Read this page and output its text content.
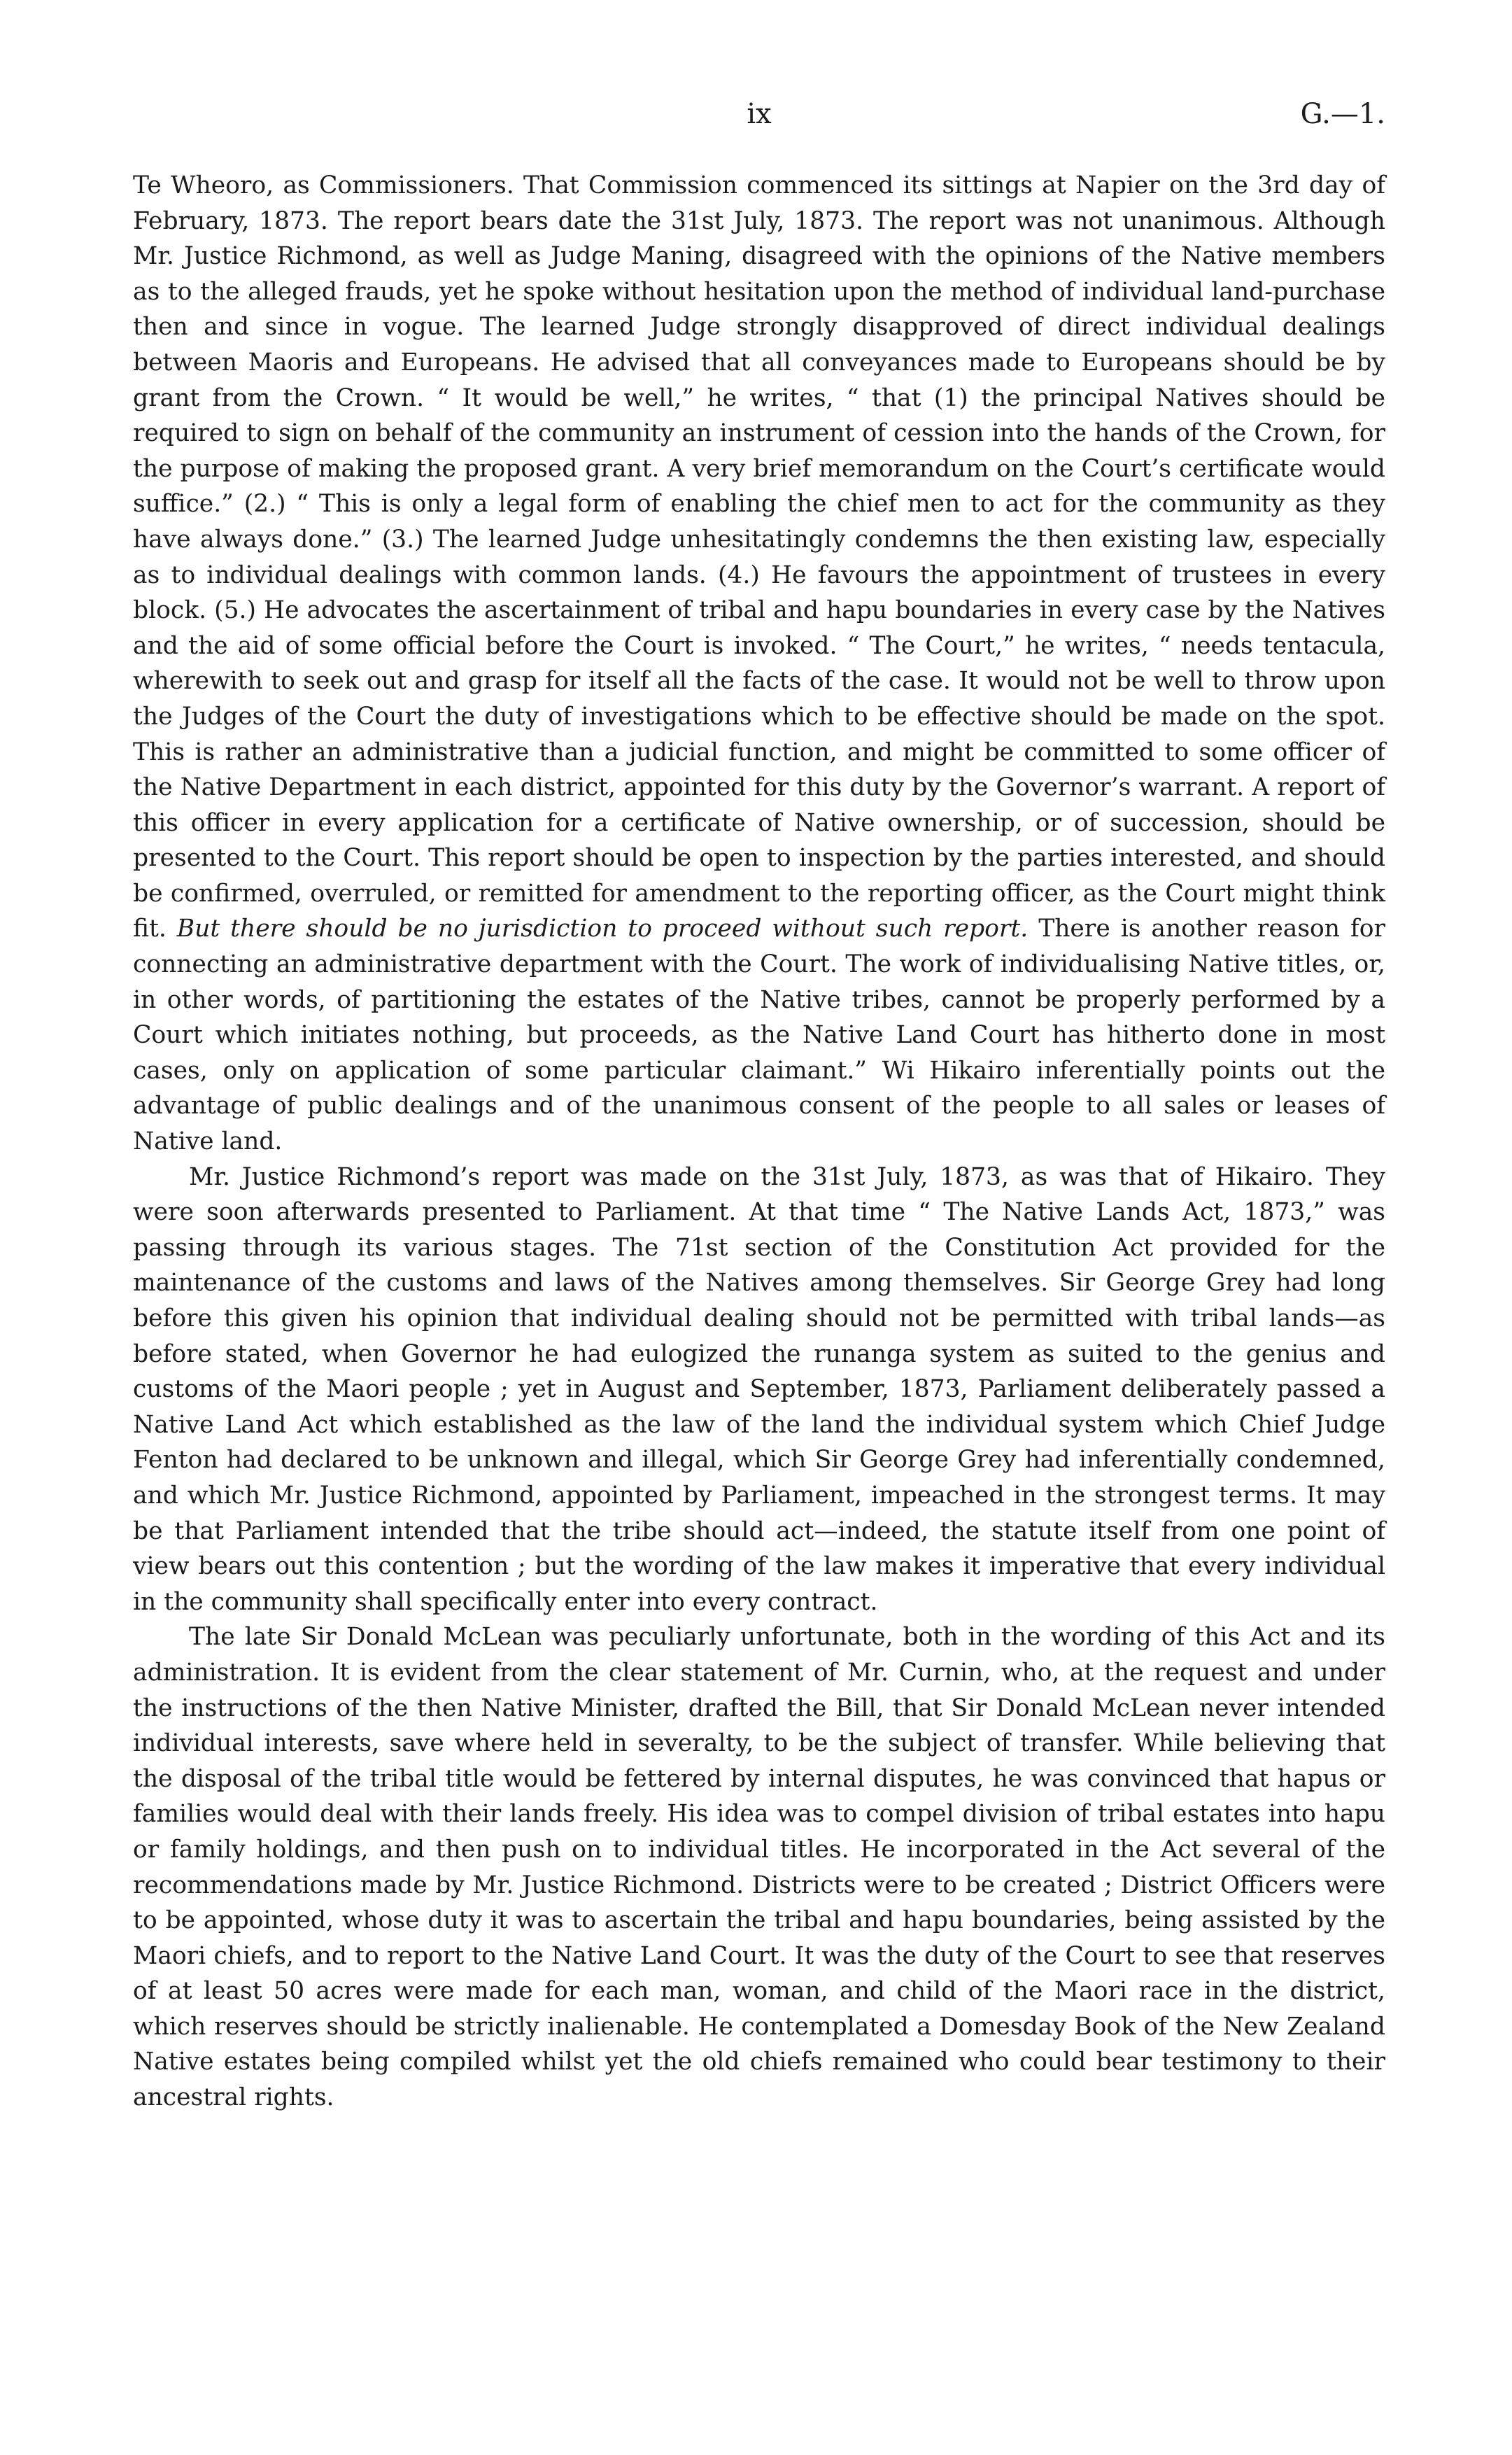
ix	G.—1.

Te Wheoro, as Commissioners. That Commission commenced its sittings at Napier on the 3rd day of February, 1873. The report bears date the 31st July, 1873. The report was not unanimous. Although Mr. Justice Richmond, as well as Judge Maning, disagreed with the opinions of the Native members as to the alleged frauds, yet he spoke without hesitation upon the method of individual land-purchase then and since in vogue. The learned Judge strongly disapproved of direct individual dealings between Maoris and Europeans. He advised that all conveyances made to Europeans should be by grant from the Crown. “ It would be well,” he writes, “ that (1) the principal Natives should be required to sign on behalf of the community an instrument of cession into the hands of the Crown, for the purpose of making the proposed grant. A very brief memorandum on the Court’s certificate would suffice.” (2.) “ This is only a legal form of enabling the chief men to act for the community as they have always done.” (3.) The learned Judge unhesitatingly condemns the then existing law, especially as to individual dealings with common lands. (4.) He favours the appointment of trustees in every block. (5.) He advocates the ascertainment of tribal and hapu boundaries in every case by the Natives and the aid of some official before the Court is invoked. “ The Court,” he writes, “ needs tentacula, wherewith to seek out and grasp for itself all the facts of the case. It would not be well to throw upon the Judges of the Court the duty of investigations which to be effective should be made on the spot. This is rather an administrative than a judicial function, and might be committed to some officer of the Native Department in each district, appointed for this duty by the Governor’s warrant. A report of this officer in every application for a certificate of Native ownership, or of succession, should be presented to the Court. This report should be open to inspection by the parties interested, and should be confirmed, overruled, or remitted for amendment to the reporting officer, as the Court might think fit. But there should be no jurisdiction to proceed without such report. There is another reason for connecting an administrative department with the Court. The work of individualising Native titles, or, in other words, of partitioning the estates of the Native tribes, cannot be properly performed by a Court which initiates nothing, but proceeds, as the Native Land Court has hitherto done in most cases, only on application of some particular claimant.” Wi Hikairo inferentially points out the advantage of public dealings and of the unanimous consent of the people to all sales or leases of Native land.

Mr. Justice Richmond’s report was made on the 31st July, 1873, as was that of Hikairo. They were soon afterwards presented to Parliament. At that time “ The Native Lands Act, 1873,” was passing through its various stages. The 71st section of the Constitution Act provided for the maintenance of the customs and laws of the Natives among themselves. Sir George Grey had long before this given his opinion that individual dealing should not be permitted with tribal lands—as before stated, when Governor he had eulogized the runanga system as suited to the genius and customs of the Maori people ; yet in August and September, 1873, Parliament deliberately passed a Native Land Act which established as the law of the land the individual system which Chief Judge Fenton had declared to be unknown and illegal, which Sir George Grey had inferentially condemned, and which Mr. Justice Richmond, appointed by Parliament, impeached in the strongest terms. It may be that Parliament intended that the tribe should act—indeed, the statute itself from one point of view bears out this contention ; but the wording of the law makes it imperative that every individual in the community shall specifically enter into every contract.

The late Sir Donald McLean was peculiarly unfortunate, both in the wording of this Act and its administration. It is evident from the clear statement of Mr. Curnin, who, at the request and under the instructions of the then Native Minister, drafted the Bill, that Sir Donald McLean never intended individual interests, save where held in severalty, to be the subject of transfer. While believing that the disposal of the tribal title would be fettered by internal disputes, he was convinced that hapus or families would deal with their lands freely. His idea was to compel division of tribal estates into hapu or family holdings, and then push on to individual titles. He incorporated in the Act several of the recommendations made by Mr. Justice Richmond. Districts were to be created ; District Officers were to be appointed, whose duty it was to ascertain the tribal and hapu boundaries, being assisted by the Maori chiefs, and to report to the Native Land Court. It was the duty of the Court to see that reserves of at least 50 acres were made for each man, woman, and child of the Maori race in the district, which reserves should be strictly inalienable. He contemplated a Domesday Book of the New Zealand Native estates being compiled whilst yet the old chiefs remained who could bear testimony to their ancestral rights.
